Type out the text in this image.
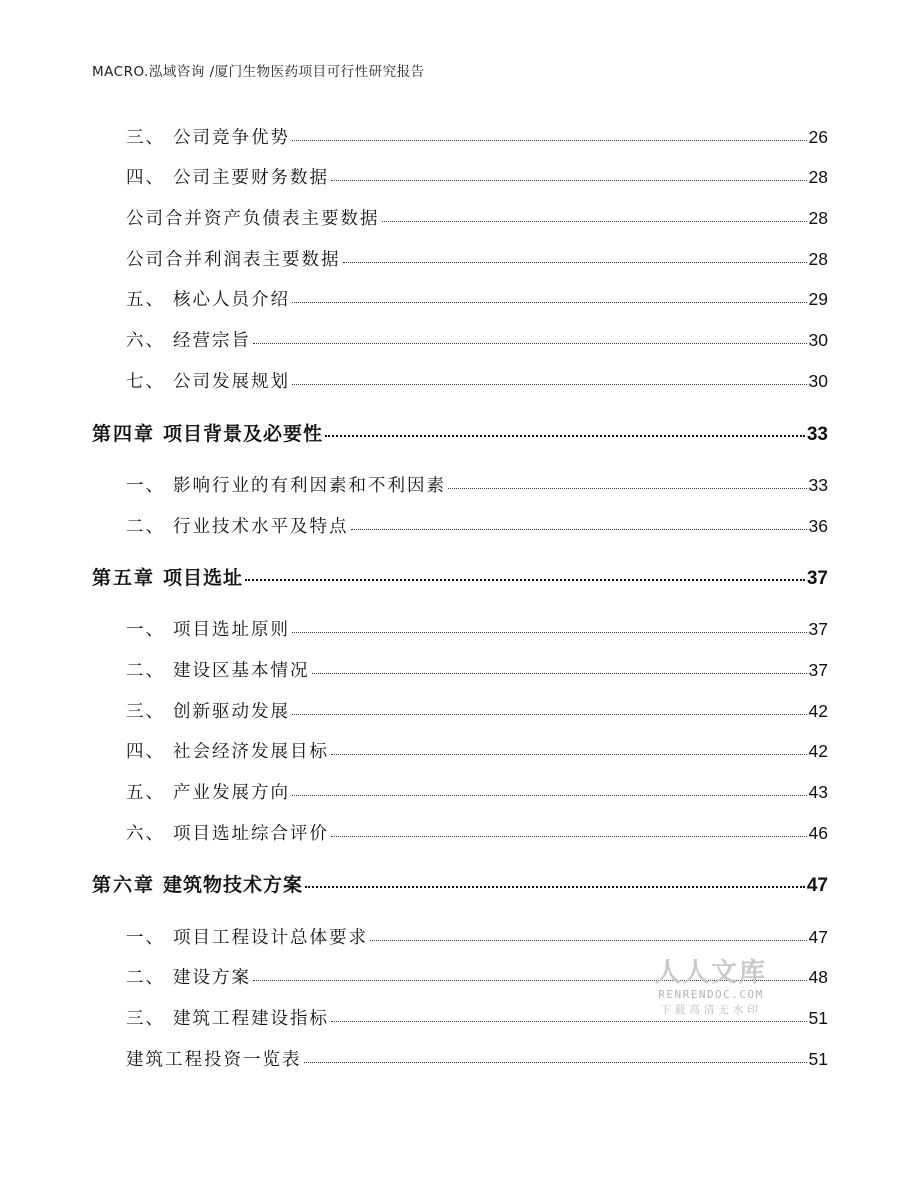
MACRO.泓域咨询 /厦门生物医药项目可行性研究报告
三、 公司竞争优势	26
四、 公司主要财务数据	28
公司合并资产负债表主要数据	28
公司合并利润表主要数据	28
五、 核心人员介绍	29
六、 经营宗旨	30
七、 公司发展规划	30
第四章 项目背景及必要性	33
一、 影响行业的有利因素和不利因素	33
二、 行业技术水平及特点	36
第五章 项目选址	37
一、 项目选址原则	37
二、 建设区基本情况	37
三、 创新驱动发展	42
四、 社会经济发展目标	42
五、 产业发展方向	43
六、 项目选址综合评价	46
第六章 建筑物技术方案	47
一、 项目工程设计总体要求	47
二、 建设方案	48
三、 建筑工程建设指标	51
建筑工程投资一览表	51
人人文库
RENRENDOC.COM
下载高清无水印
